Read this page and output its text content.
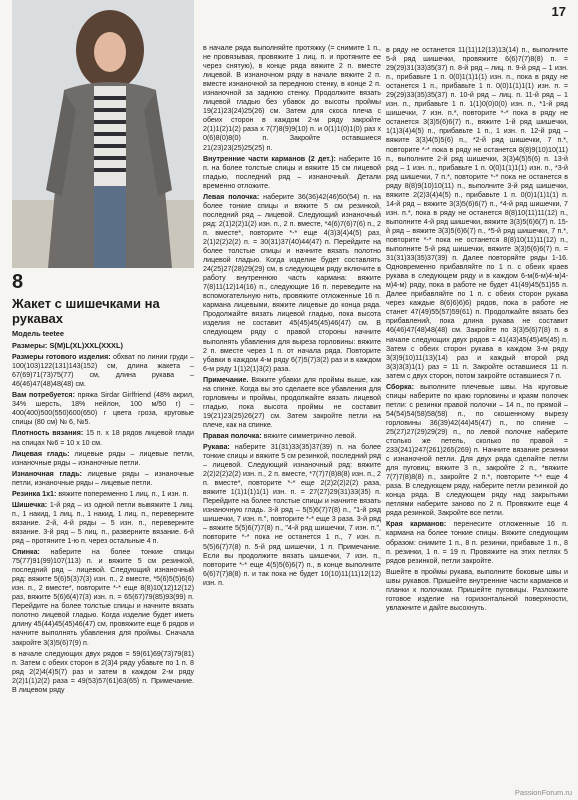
17
8
Жакет с шишечками на рукавах
Модель teetee
Размеры: S(M)L(XL)XXL(XXXL)

Размеры готового изделия: обхват по линии груди – 100(103)122(131)143(152) см, длина жакета – 67(69)71(73)75(77) см, длина рукава – 46(46)47(48)48(48) см.

Вам потребуется: пряжа Sirdar Girlfriend (48% акрил, 34% шерсть, 18% нейлон, 100 м/50 г) – 400(400)500(550)600(650) г цвета гроза, круговые спицы (80 см) № 6, №5.

Плотность вязания: 15 п. х 18 рядов лицевой глади на спицах №6 = 10 х 10 см.

Лицевая гладь: лицевые ряды – лицевые петли, изнаночные ряды – изнаночные петли.

Изнаночная гладь: лицевые ряды – изнаночные петли, изнаночные ряды – лицевые петли.

Резинка 1х1: вяжите попеременно 1 лиц. п., 1 изн. п.

Шишечка: 1-й ряд – из одной петли вывяжите 1 лиц. п., 1 накид, 1 лиц. п., 1 накид, 1 лиц. п., переверните вязание. 2-й, 4-й ряды – 5 изн. п., переверните вязание. 3-й ряд – 5 лиц. п., разверните вязание. 6-й ряд – протяните 1-ю п. через остальные 4 п.

Спинка: наберите на более тонкие спицы 75(77)91(99)107(113) п. и вяжите 5 см резинкой, последний ряд – лицевой. Следующий изнаночный ряд: вяжите 5(6)5(3)7(3) изн. п., 2 вместе, *5(6)5(5)6(6) изн. п., 2 вместе*, повторите *-* еще 8(8)10(12)12(12) раз, вяжите 5(6)6(4)7(3) изн. п. = 65(67)79(85)93(99) п. Перейдите на более толстые спицы и начните вязать полотно лицевой гладью. Когда изделие будет иметь длину 45(44)45(45)46(47) см, провяжите еще 6 рядов и начните выполнять убавления для проймы. Сначала закройте 3(3)5(6)7(9) п.

в начале следующих двух рядов = 59(61)69(73)79(81) п. Затем с обеих сторон в 2(3)4 ряду убавьте по 1 п. 8 ряд 2(2)4(4)5(7) раз и затем в каждом 2-м ряду 2(2)1(1)2(2) раза = 49(53)57(61)63(65) п. Примечание. В лицевом ряду

в начале ряда выполняйте протяжку (= снимите 1 п., не провязывая, провяжите 1 лиц. п. и протяните ее через снятую), в конце ряда вяжите 2 п. вместе лицевой. В изнаночном ряду в начале вяжите 2 п. вместе изнаночной за переднюю стенку, в конце 2 п. изнаночной за заднюю стенку. Продолжите вязать лицевой гладью без убавок до высоты проймы 19(21)23(24)25(26) см. Затем для скоса плеча с обеих сторон в каждом 2-м ряду закройте 2(1)1(2)1(2) раза х 7(7)8(9)9(10) п. и 0(1)1(0)1(0) раз х 0(6)8(0)8(0) п. Закройте оставшиеся 21(23)23(25)25(25) п.

Внутренние части карманов (2 дет.): наберите 16 п. на более толстые спицы и вяжите 15 см лицевой гладью, последний ряд – изнаночный. Детали временно отложите.

Левая полочка: наберите 36(36)42(46)50(54) п. на более тонкие спицы и вяжите 5 см резинкой, последний ряд – лицевой. Следующий изнаночный ряд: 2(1)2(2)1(2) изн. п., 2 п. вместе, *4(6)7(6)7(6) п., 2 п. вместе*, повторите *-* еще 4(3)3(4)4(5) раз, 2(1)2(2)2(2) п. = 30(31)37(40)44(47) п. Перейдите на более толстые спицы и начните вязать полотно лицевой гладью. Когда изделие будет составлять 24(25)27(28)29(29) см, в следующем ряду включите в работу внутреннюю часть кармана: вяжите 7(8)11(12)14(16) п., следующие 16 п. переведите на вспомогательную нить, провяжите отложенные 16 п. кармана лицевыми, вяжите лицевые до конца ряда. Продолжайте вязать лицевой гладью, пока высота изделия не составит 45(45)45(45)46(47) см. В следующем ряду с правой стороны начните выполнять убавления для выреза горловины: вяжите 2 п. вместе через 1 п. от начала ряда. Повторите убавки в каждом 4-м ряду 6(7)5(7)3(2) раз и в каждом 6-м ряду 1(1)2(1)3(2) раза.

Примечание. Вяжите убавки для проймы выше, как на спинке. Когда вы это сделаете все убавления для горловины и проймы, продолжайте вязать лицевой гладью, пока высота проймы не составит 19(21)23(25)26(27) см. Затем закройте петли на плече, как на спинке.

Правая полочка: вяжите симметрично левой.

Рукава: наберите 31(31)33(35)37(39) п. на более тонкие спицы и вяжите 5 см резинкой, последний ряд – лицевой. Следующий изнаночный ряд: вяжите 2(2)2(2)2(2) изн. п., 2 п. вместе, *7(7)7(8)8(8) изн. п., 2 п. вместе*, повторите *-* еще 2(2)2(2)2(2) раза, вяжите 1(1)1(1)1(1) изн. п. = 27(27)29(31)33(35) п. Перейдите на более толстые спицы и начните вязать изнаночную гладь. 3-й ряд – 5(5)6(7)7(8) п., "1-й ряд шишечки, 7 изн. п.", повторите *-* еще 3 раза. 3-й ряд – вяжите 5(5)6(7)7(8) п., "4-й ряд шишечки, 7 изн. п.", повторите *-* пока не останется 1 п., 7 изн. п. 5(5)6(7)7(8) п. 5-й ряд шишечки, 1 п. Примечание. Если вы продолжите вязать шишечки, 7 изн. п., повторите *-* еще 4(5)5(6)6(7) п., в конце выполните 6(6)7(7)8(8) п. и так пока не будет 10(10)11(11)12(12) изн. п.

в ряду не останется 11(11)12(13)13(14) п., выполните 5-й ряд шишечки, провяжите 6(6)7(7)8(8) п. = 29(29)31(33)35(37) п. 8-й ряд – лиц. п. 9-й ряд – 1 изн. п., прибавьте 1 п. 0(0)1(1)1(1) изн. п., пока в ряду не останется 1 п., прибавьте 1 п. 0(0)1(1)1(1) изн. п. = 29(29)33(35)35(37) п. 10-й ряд – лиц. п. 11-й ряд – 1 изн. п., прибавьте 1 п. 1(1)0(0)0(0) изн. п., *1-й ряд шишечки, 7 изн. п.*, повторите *-* пока в ряду не останется 3(3)5(6)6(7) п., вяжите 1-й ряд шишечки, 1(1)3(4)4(5) п., прибавьте 1 п., 1 изн. п. 12-й ряд – вяжите 3(3)4(5)5(6) п., *2-й ряд шишечки, 7 п.*, повторите *-* пока в ряду не останется 8(8)9(10)10(11) п., выполните 2-й ряд шишечки, 3(3)4(5)5(6) п. 13-й ряд – 1 изн. п., прибавьте 1 п. 0(0)1(1)1(1) изн. п., *3-й ряд шишечки, 7 п.*, повторите *-* пока не останется в ряду 8(8)9(10)10(11) п., выполните 3-й ряд шишечки, вяжите 2(2)3(4)4(5) п., прибавьте 1 п. 0(0)1(1)1(1) п. 14-й ряд – вяжите 3(3)5(6)6(7) п., *4-й ряд шишечки, 7 изн. п.*, пока в ряду не останется 8(8)10(11)11(12) п., выполните 4-й ряд шишечки, вяжите 3(3)5(6)6(7) п. 15-й ряд – вяжите 3(3)5(6)6(7) п., *5-й ряд шишечки, 7 п.*, повторите *-* пока не останется 8(8)10(11)11(12) п., выполните 5-й ряд шишечки, вяжите 3(3)5(6)6(7) п. = 31(31)33(35)37(39) п. Далее повторяйте ряды 1-16. Одновременно прибавляйте по 1 п. с обеих краев рукава в следующем ряду и в каждом 6-м(6-м)4-м)4-м)4-м) ряду, пока в работе не будет 41(49)45(51)55 п. Далее прибавляйте по 1 п. с обеих сторон рукава через каждые 8(6)6)6)6) рядов, пока в работе не станет 47(49)55(57)59(61) п. Продолжайте вязать без прибавлений, пока длина рукава не составит 46(46)47(48)48(48) см. Закройте по 3(3)5(6)7(8) п. в начале следующих двух рядов = 41(43)45(45)45(45) п. Затем с обеих сторон рукава в каждом 3-м ряду 3(3)9(10)11(13)(14) раз и каждый второй ряд 3(3)3(3)1(1) раз = 11 п. Закройте оставшиеся 11 п. затем с двух сторон, потом закройте оставшиеся 7 п.

Сборка: выполните плечевые швы. На круговые спицы наберите по краю горловины и краям полочек петли: с резинки правой полочки – 14 п., по прямой – 54(54)54(58)58(58) п., по скошенному вырезу горловины 36(39)42(44)45(47) п., по спинке – 25(27)27(29)29(29) п., по левой полочке наберите столько же петель, сколько по правой = 233(241)247(261)265(269) п. Начните вязание резинки с изнаночной петли. Для двух ряда сделайте петли для пуговиц: вяжите 3 п., закройте 2 п., *вяжите 7(7)7(8)8(8) п., закройте 2 п.*, повторите *-* еще 4 раза. В следующем ряду, наберите петли резинкой до конца ряда. В следующем ряду над закрытыми петлями наберите заново по 2 п. Провяжите еще 4 ряда резинкой. Закройте все петли.

Края карманов: перенесите отложенные 16 п. кармана на более тонкие спицы. Вяжите следующим образом: снимите 1 п., 8 п. резинки, прибавьте 1 п., 8 п. резинки, 1 п. = 19 п. Провяжите на этих петлях 5 рядов резинкой, петли закройте.

Вшейте в проймы рукава, выполните боковые швы и швы рукавов. Пришейте внутренние части карманов и планки к полочкам. Пришейте пуговицы. Разложите готовое изделие на горизонтальной поверхности, увлажните и дайте высохнуть.

PassionForum.ru
